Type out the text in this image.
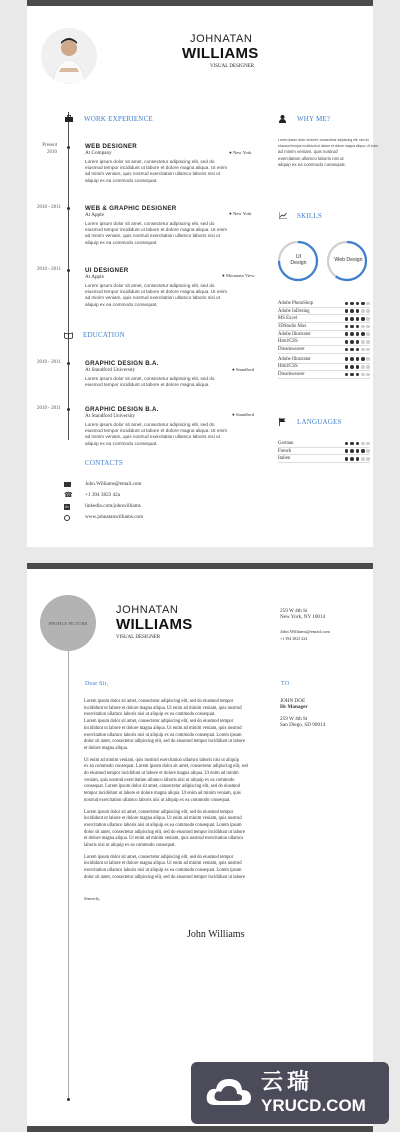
JOHNATAN
WILLIAMS
VISUAL DESIGNER
WORK EXPERIENCE
Present
2010
WEB DESIGNER
At Company	● New York
Lorem ipsum dolor sit amet, consectetur adipiscing elit, sed do
eiusmod tempor incididunt ut labore et dolore magna aliqua. Ut enim
ad minim veniam, quis nostrud exercitation ullamco laboris nisi ut
aliquip ex ea commodo consequat.
2010 - 2011	WEB & GRAPHIC DESIGNER
At Apple	● New York
Lorem ipsum dolor sit amet, consectetur adipiscing elit, sed do
eiusmod tempor incididunt ut labore et dolore magna aliqua. Ut enim
ad minim veniam, quis nostrud exercitation ullamco laboris nisi ut
aliquip ex ea commodo consequat.
2010 - 2011	UI DESIGNER
At Apple	● Mountain View
Lorem ipsum dolor sit amet, consectetur adipiscing elit, sed do
eiusmod tempor incididunt ut labore et dolore magna aliqua. Ut enim
ad minim veniam, quis nostrud exercitation ullamco laboris nisi ut
aliquip ex ea commodo consequat.
EDUCATION
2010 - 2011	GRAPHIC DESIGN B.A.
At Standford University	● Standford
Lorem ipsum dolor sit amet, consectetur adipiscing elit, sed do
eiusmod tempor incididunt ut labore et dolore magna aliqua.
2010 - 2011	GRAPHIC DESIGN B.A.
At Standford University	● Standford
Lorem ipsum dolor sit amet, consectetur adipiscing elit, sed do
eiusmod tempor incididunt ut labore et dolore magna aliqua. Ut enim
ad minim veniam, quis nostrud exercitation ullamco laboris nisi ut
aliquip ex ea commodo consequat.
CONTACTS
John.Williams@email.com
☎ +1 394 3823 42a
in	linkedin.com/johnwilliams
www.johnatanwilliams.com
WHY ME?
Lorem ipsum dolor sit amet, consectetur adipiscing elit, sed do
eiusmod tempor incididunt ut labore et dolore magna aliqua. Ut enim
ad minim veniam, quis nostrud
exercitation ullamco laboris nisi ut
aliquip ex ea commodo consequat.
SKILLS
UI Design	Web Design
Adobe PhotoShop
Adobe InDesing
MS Excel
3DStudio Max
Adobe Illustrator
Html/CSS
Dreamweaver
Adobe Illustrator
Html/CSS
Dreamweaver
LANGUAGES
German
French
Italien
PROFILE PICTURE
JOHNATAN
WILLIAMS
VISUAL DESIGNER
259 W 4th St
New York, NY 10014
John.Williams@email.com
+1 394 3823 424
Dear Sir,	TO
JOHN DOE
Hr Manager
259 W 4th St
San Diego, SD 90014
Lorem ipsum dolor sit amet, consectetur adipiscing elit, sed do eiusmod tempor
incididunt ut labore et dolore magna aliqua. Ut enim ad minim veniam, quis nostrud
exercitation ullamco laboris nisi ut aliquip ex ea commodo consequat.
Lorem ipsum dolor sit amet, consectetur adipiscing elit, sed do eiusmod tempor
incididunt ut labore et dolore magna aliqua. Ut enim ad minim veniam, quis nostrud
exercitation ullamco laboris nisi ut aliquip ex ea commodo consequat. Lorem ipsum
dolor sit amet, consectetur adipiscing elit, sed do eiusmod tempor incididunt ut labore
et dolore magna aliqua.
Ut enim ad minim veniam, quis nostrud exercitation ullamco laboris nisi ut aliquip
ex ea commodo consequat. Lorem ipsum dolor sit amet, consectetur adipiscing elit, sed
do eiusmod tempor incididunt ut labore et dolore magna aliqua. Ut enim ad minim
veniam, quis nostrud exercitation ullamco laboris nisi ut aliquip ex ea commodo
consequat. Lorem ipsum dolor sit amet, consectetur adipiscing elit, sed do eiusmod
tempor incididunt ut labore et dolore magna aliqua. Ut enim ad minim veniam, quis
nostrud exercitation ullamco laboris nisi ut aliquip ex ea commodo consequat.
Lorem ipsum dolor sit amet, consectetur adipiscing elit, sed do eiusmod tempor
incididunt ut labore et dolore magna aliqua. Ut enim ad minim veniam, quis nostrud
exercitation ullamco laboris nisi ut aliquip ex ea commodo consequat. Lorem ipsum
dolor sit amet, consectetur adipiscing elit, sed do eiusmod tempor incididunt ut labore
et dolore magna aliqua. Ut enim ad minim veniam, quis nostrud exercitation ullamco
laboris nisi ut aliquip ex ea commodo consequat.
Lorem ipsum dolor sit amet, consectetur adipiscing elit, sed do eiusmod tempor
incididunt ut labore et dolore magna aliqua. Ut enim ad minim veniam, quis nostrud
exercitation ullamco laboris nisi ut aliquip ex ea commodo consequat. Lorem ipsum
dolor sit amet, consectetur adipiscing elit, sed do eiusmod tempor incididunt ut labore
Sincerly,
John Williams
云瑞
YRUCD.COM
